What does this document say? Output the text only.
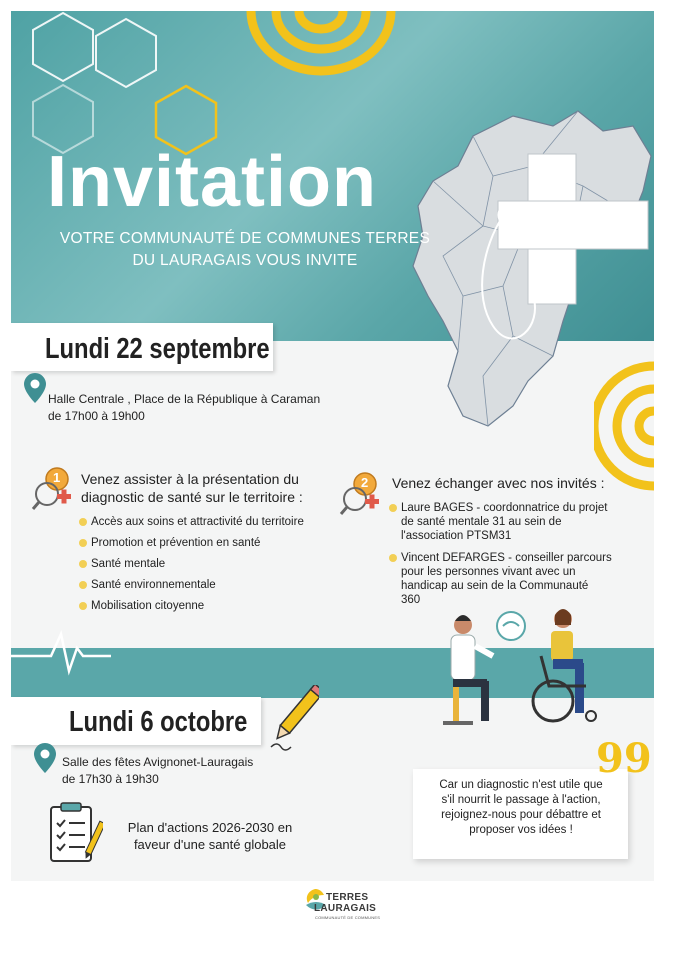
Invitation
VOTRE COMMUNAUTÉ DE COMMUNES TERRES
DU LAURAGAIS VOUS INVITE
Lundi 22 septembre
Halle Centrale , Place de la République à Caraman
de 17h00 à 19h00
1 Venez assister à la présentation du
diagnostic de santé sur le territoire :
Accès aux soins et attractivité du territoire
Promotion et prévention en santé
Santé mentale
Santé environnementale
Mobilisation citoyenne
2 Venez échanger avec nos invités :
Laure BAGES - coordonnatrice du projet
de santé mentale 31 au sein de
l'association PTSM31
Vincent DEFARGES - conseiller parcours
pour les personnes vivant avec un
handicap au sein de la Communauté
360
Lundi 6 octobre
Salle des fêtes Avignonet-Lauragais
de 17h30 à 19h30	99
Car un diagnostic n'est utile que
s'il nourrit le passage à l'action,
rejoignez-nous pour débattre et
proposer vos idées !
Plan d'actions 2026-2030 en
faveur d'une santé globale
TERRES
LAURAGAIS
COMMUNAUTÉ DE COMMUNES
